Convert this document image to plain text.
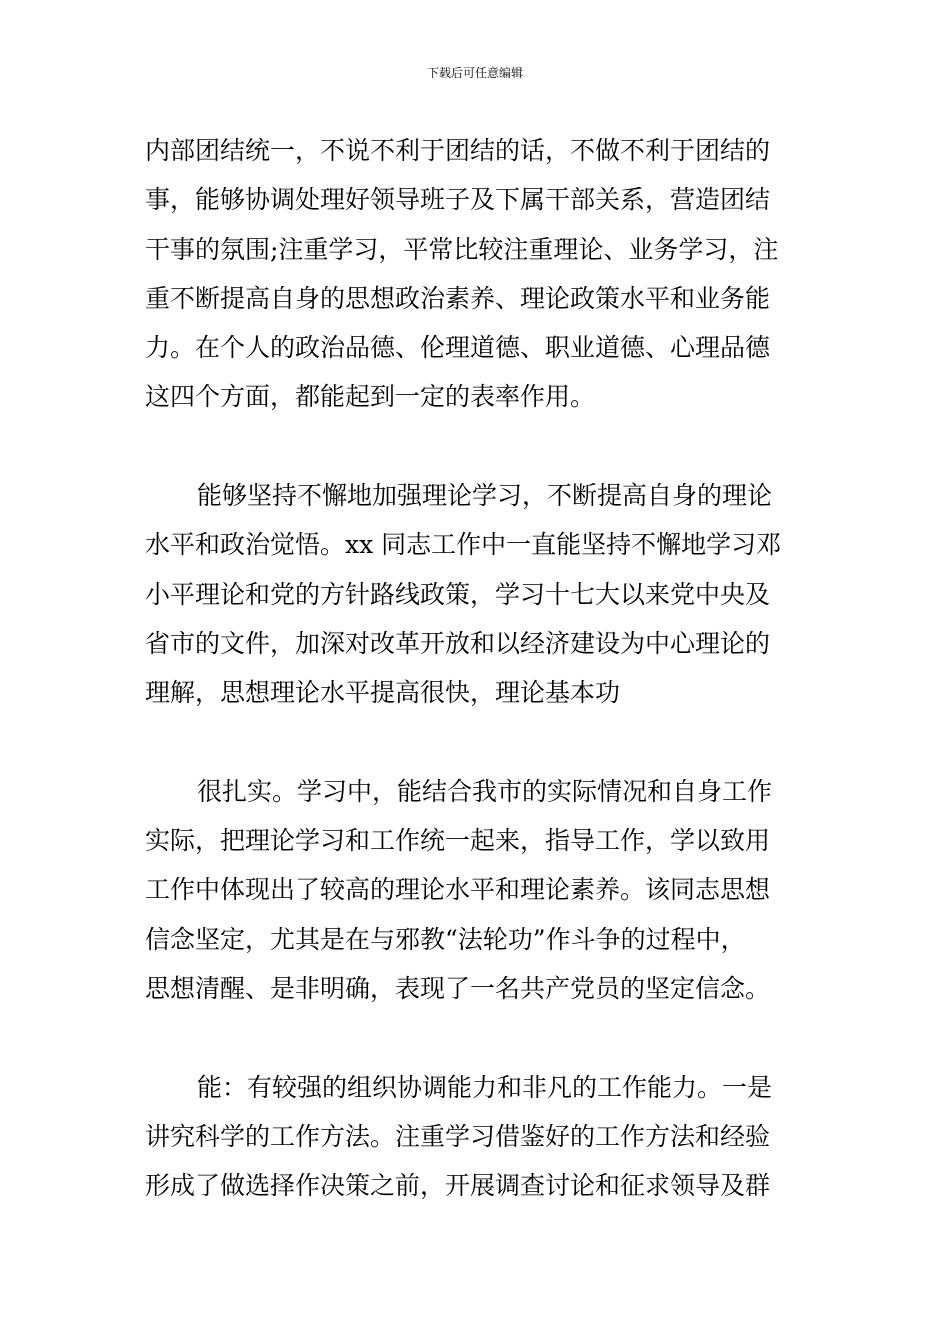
下载后可任意编辑
内部团结统一，不说不利于团结的话，不做不利于团结的
事，能够协调处理好领导班子及下属干部关系，营造团结
干事的氛围;注重学习，平常比较注重理论、业务学习，注
重不断提高自身的思想政治素养、理论政策水平和业务能
力。在个人的政治品德、伦理道德、职业道德、心理品德
这四个方面，都能起到一定的表率作用。
能够坚持不懈地加强理论学习，不断提高自身的理论
水平和政治觉悟。xx 同志工作中一直能坚持不懈地学习邓
小平理论和党的方针路线政策，学习十七大以来党中央及
省市的文件，加深对改革开放和以经济建设为中心理论的
理解，思想理论水平提高很快，理论基本功
很扎实。学习中，能结合我市的实际情况和自身工作
实际，把理论学习和工作统一起来，指导工作，学以致用
工作中体现出了较高的理论水平和理论素养。该同志思想
信念坚定，尤其是在与邪教“法轮功”作斗争的过程中，
思想清醒、是非明确，表现了一名共产党员的坚定信念。
能：有较强的组织协调能力和非凡的工作能力。一是
讲究科学的工作方法。注重学习借鉴好的工作方法和经验
形成了做选择作决策之前，开展调查讨论和征求领导及群
